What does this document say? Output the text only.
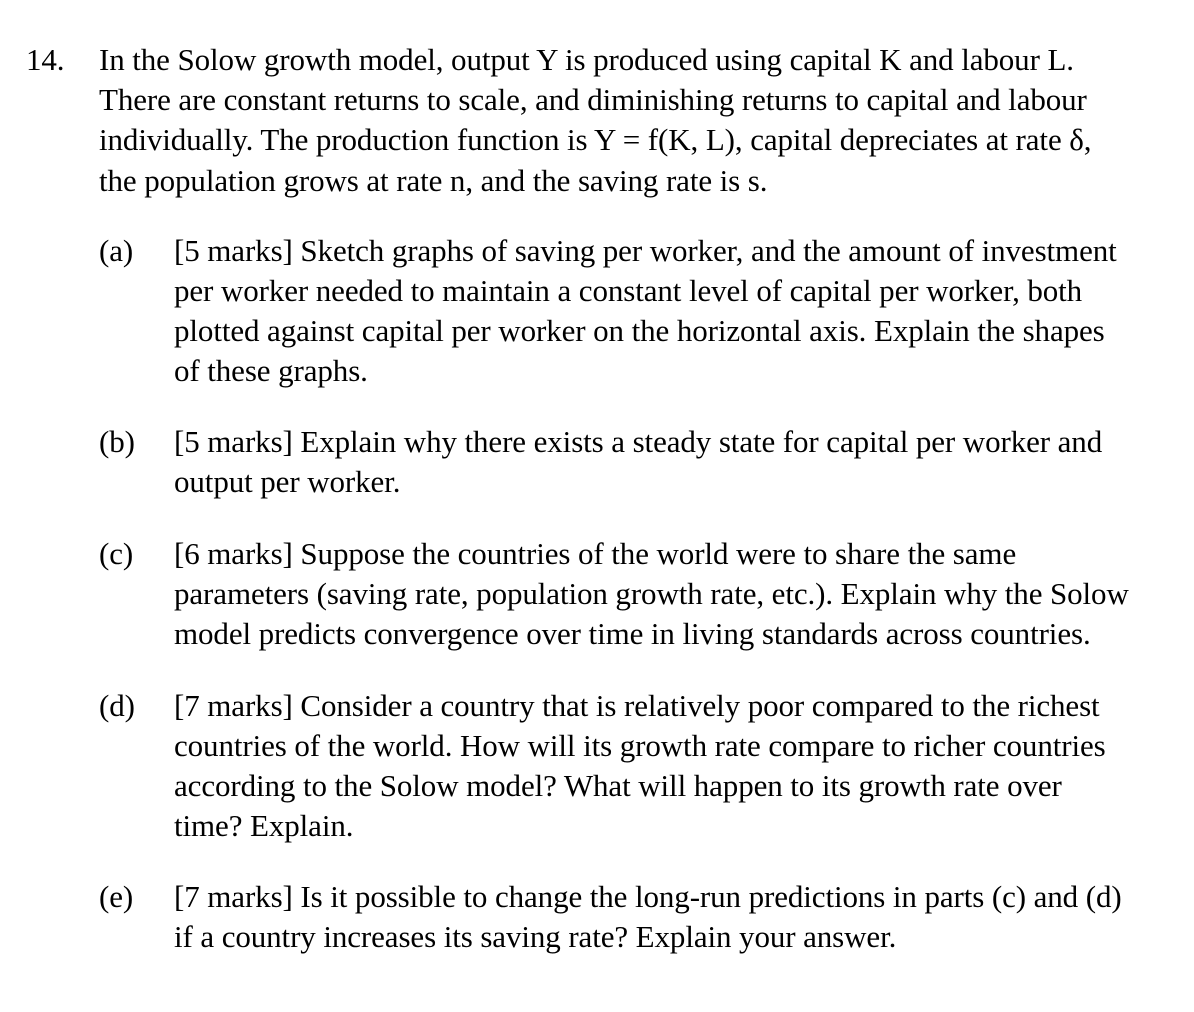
14. In the Solow growth model, output Y is produced using capital K and labour L.
There are constant returns to scale, and diminishing returns to capital and labour
individually. The production function is Y = f(K, L), capital depreciates at rate δ,
the population grows at rate n, and the saving rate is s.
(a) [5 marks] Sketch graphs of saving per worker, and the amount of investment
per worker needed to maintain a constant level of capital per worker, both
plotted against capital per worker on the horizontal axis. Explain the shapes
of these graphs.
(b) [5 marks] Explain why there exists a steady state for capital per worker and
output per worker.
(c) [6 marks] Suppose the countries of the world were to share the same
parameters (saving rate, population growth rate, etc.). Explain why the Solow
model predicts convergence over time in living standards across countries.
(d) [7 marks] Consider a country that is relatively poor compared to the richest
countries of the world. How will its growth rate compare to richer countries
according to the Solow model? What will happen to its growth rate over
time? Explain.
(e) [7 marks] Is it possible to change the long-run predictions in parts (c) and (d)
if a country increases its saving rate? Explain your answer.
